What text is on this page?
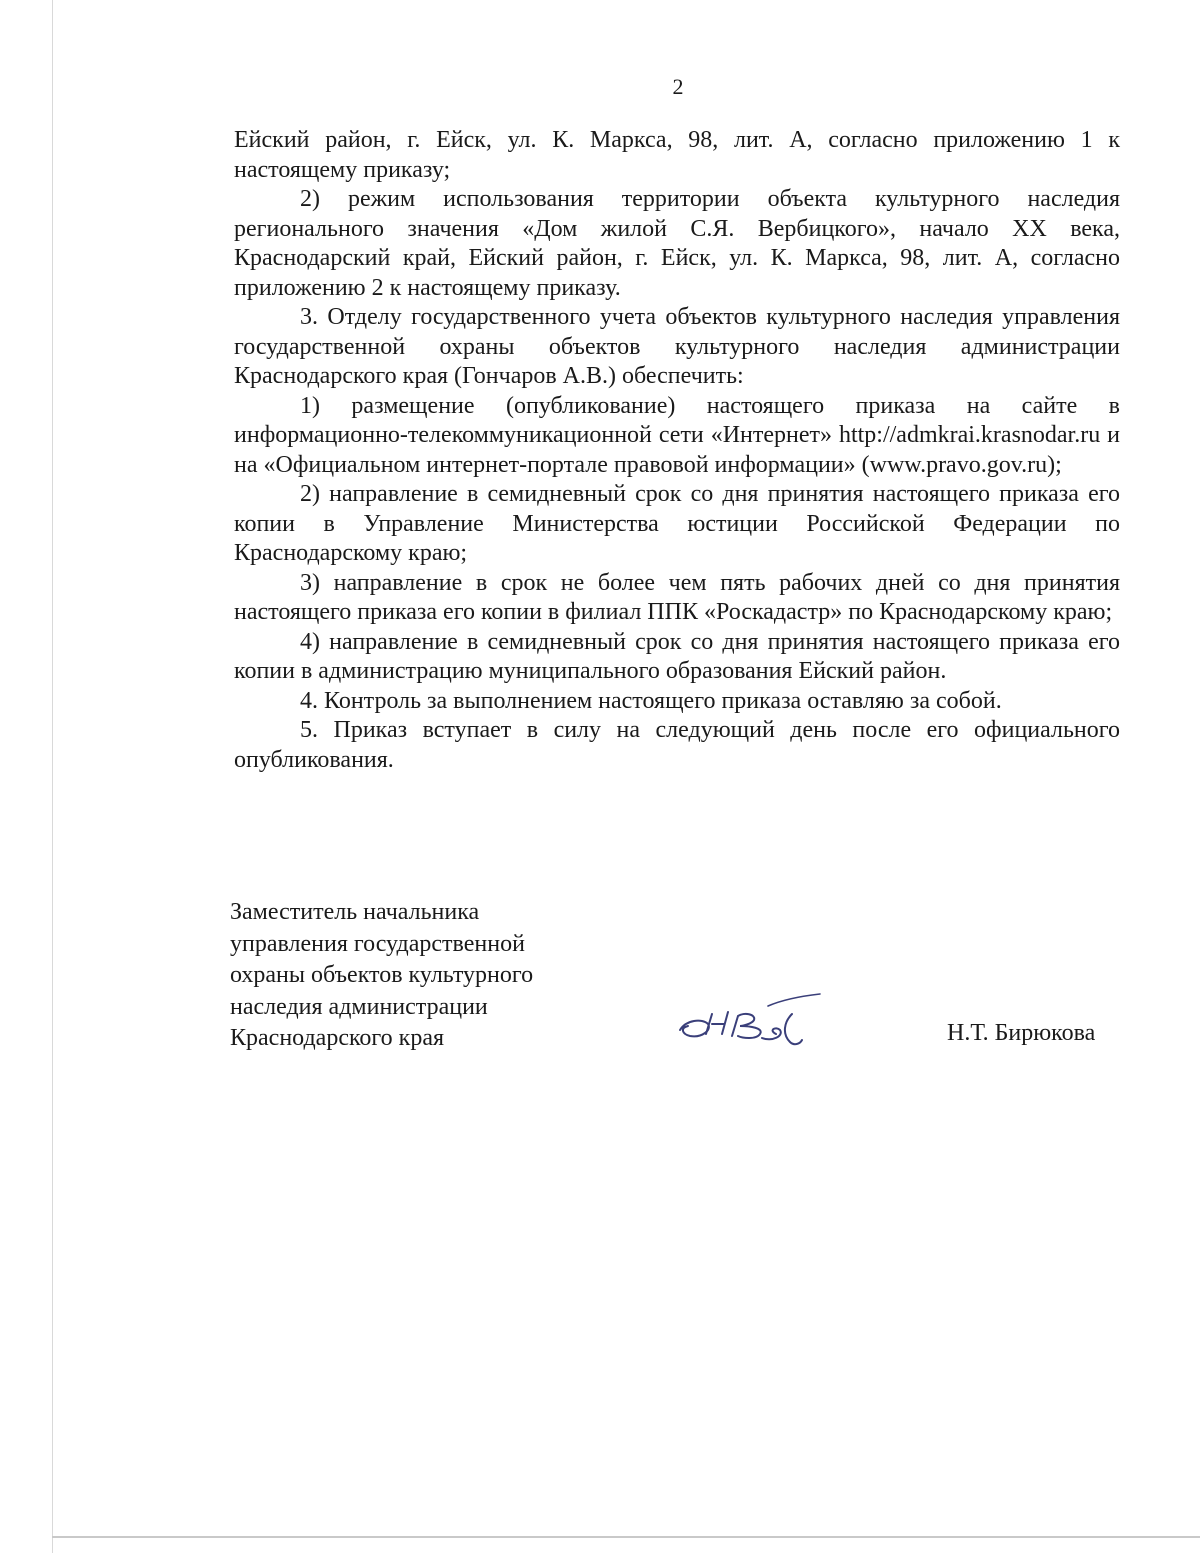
2

Ейский район, г. Ейск, ул. К. Маркса, 98, лит. А, согласно приложению 1 к настоящему приказу;

2) режим использования территории объекта культурного наследия регионального значения «Дом жилой С.Я. Вербицкого», начало XX века, Краснодарский край, Ейский район, г. Ейск, ул. К. Маркса, 98, лит. А, согласно приложению 2 к настоящему приказу.

3. Отделу государственного учета объектов культурного наследия управления государственной охраны объектов культурного наследия администрации Краснодарского края (Гончаров А.В.) обеспечить:

1) размещение (опубликование) настоящего приказа на сайте в информационно-телекоммуникационной сети «Интернет» http://admkrai.krasnodar.ru и на «Официальном интернет-портале правовой информации» (www.pravo.gov.ru);

2) направление в семидневный срок со дня принятия настоящего приказа его копии в Управление Министерства юстиции Российской Федерации по Краснодарскому краю;

3) направление в срок не более чем пять рабочих дней со дня принятия настоящего приказа его копии в филиал ППК «Роскадастр» по Краснодарскому краю;

4) направление в семидневный срок со дня принятия настоящего приказа его копии в администрацию муниципального образования Ейский район.

4. Контроль за выполнением настоящего приказа оставляю за собой.

5. Приказ вступает в силу на следующий день после его официального опубликования.

Заместитель начальника
управления государственной
охраны объектов культурного
наследия администрации
Краснодарского края	Н.Т. Бирюкова
